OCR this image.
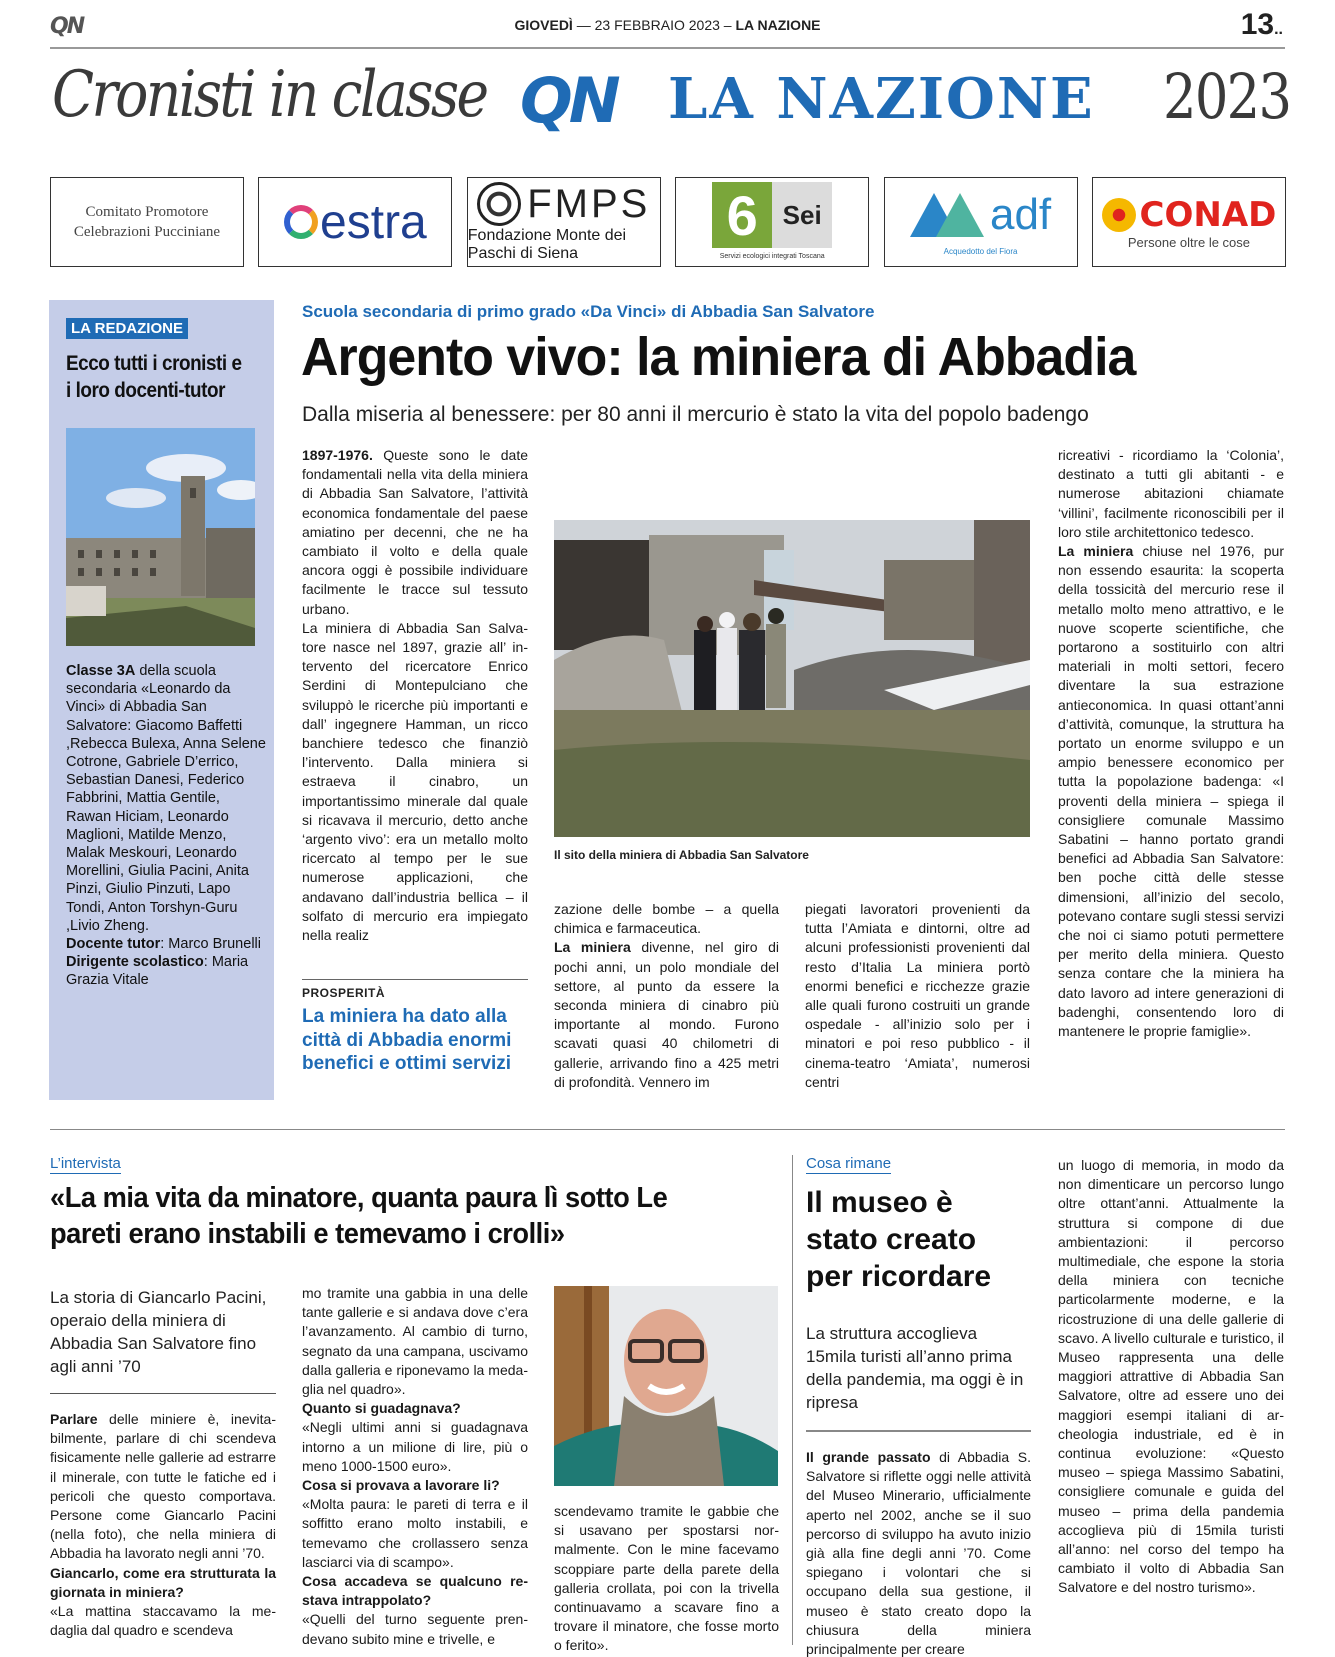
QN	GIOVEDÌ — 23 FEBBRAIO 2023 – LA NAZIONE	13..
Cronisti in classe QN LA NAZIONE 2023
Comitato Promotore
Celebrazioni Pucciniane estra	FMPS
Fondazione Monte dei Paschi di Siena
6 Sei
Servizi ecologici integrati Toscana
adf
Acquedotto del Fiora
CONAD
Persone oltre le cose
LA REDAZIONE
Ecco tutti i cronisti e i loro docenti-tutor
Classe 3A della scuola secondaria «Leonardo da Vinci» di Abbadia San Salvatore: Giacomo Baffetti ,Rebecca Bulexa, Anna Selene Cotrone, Gabriele D’errico, Sebastian Danesi, Federico Fabbrini, Mattia Gentile, Rawan Hiciam, Leonardo Maglioni, Matilde Menzo, Malak Meskouri, Leonardo Morellini, Giulia Pacini, Anita Pinzi, Giulio Pinzuti, Lapo Tondi, Anton Torshyn-Guru ,Livio Zheng.
Docente tutor: Marco Brunelli
Dirigente scolastico: Maria Grazia Vitale
Scuola secondaria di primo grado «Da Vinci» di Abbadia San Salvatore
Argento vivo: la miniera di Abbadia
Dalla miseria al benessere: per 80 anni il mercurio è stato la vita del popolo badengo
1897-1976. Queste sono le date fondamentali nella vita della miniera di Abbadia San Salvatore, l’attività economica fondamentale del paese amiatino per decenni, che ne ha cambiato il volto e della quale ancora oggi è possibile individuare facilmente le tracce sul tessuto urbano.
La miniera di Abbadia San Salvatore nasce nel 1897, grazie all’ intervento del ricercatore Enrico Serdini di Montepulciano che sviluppò le ricerche più importanti e dall’ ingegnere Hamman, un ricco banchiere tedesco che finanziò l’intervento. Dalla miniera si estraeva il cinabro, un importantissimo minerale dal quale si ricavava il mercurio, detto anche ‘argento vivo’: era un metallo molto ricercato al tempo per le sue numerose applicazioni, che andavano dall’industria bellica – il solfato di mercurio era impiegato nella realiz
PROSPERITÀ
La miniera ha dato alla città di Abbadia enormi benefici e ottimi servizi
Il sito della miniera di Abbadia San Salvatore
zazione delle bombe – a quella chimica e farmaceutica.
La miniera divenne, nel giro di pochi anni, un polo mondiale del settore, al punto da essere la seconda miniera di cinabro più importante al mondo. Furono scavati quasi 40 chilometri di gallerie, arrivando fino a 425 metri di profondità. Vennero im
piegati lavoratori provenienti da tutta l’Amiata e dintorni, oltre ad alcuni professionisti provenienti dal resto d’Italia La miniera portò enormi benefici e ricchezze grazie alle quali furono costruiti un grande ospedale - all’inizio solo per i minatori e poi reso pubblico - il cinema-teatro ‘Amiata’, numerosi centri
ricreativi - ricordiamo la ‘Colonia’, destinato a tutti gli abitanti - e numerose abitazioni chiamate ‘villini’, facilmente riconoscibili per il loro stile architettonico tedesco.
La miniera chiuse nel 1976, pur non essendo esaurita: la scoperta della tossicità del mercurio rese il metallo molto meno attrattivo, e le nuove scoperte scientifiche, che portarono a sostituirlo con altri materiali in molti settori, fecero diventare la sua estrazione antieconomica. In quasi ottant’anni d’attività, comunque, la struttura ha portato un enorme sviluppo e un ampio benessere economico per tutta la popolazione badenga: «I proventi della miniera – spiega il consigliere comunale Massimo Sabatini – hanno portato grandi benefici ad Abbadia San Salvatore: ben poche città delle stesse dimensioni, all’inizio del secolo, potevano contare sugli stessi servizi che noi ci siamo potuti permettere per merito della miniera. Questo senza contare che la miniera ha dato lavoro ad intere generazioni di badenghi, consentendo loro di mantenere le proprie famiglie».
L’intervista
«La mia vita da minatore, quanta paura lì sotto Le pareti erano instabili e temevamo i crolli»
La storia di Giancarlo Pacini, operaio della miniera di Abbadia San Salvatore fino agli anni ’70
Parlare delle miniere è, inevitabilmente, parlare di chi scendeva fisicamente nelle gallerie ad estrarre il minerale, con tutte le fatiche ed i pericoli che questo comportava. Persone come Giancarlo Pacini (nella foto), che nella miniera di Abbadia ha lavorato negli anni ’70.
Giancarlo, come era strutturata la giornata in miniera?
«La mattina staccavamo la medaglia dal quadro e scendeva
mo tramite una gabbia in una delle tante gallerie e si andava dove c’era l’avanzamento. Al cambio di turno, segnato da una campana, uscivamo dalla galleria e riponevamo la medaglia nel quadro».
Quanto si guadagnava?
«Negli ultimi anni si guadagnava intorno a un milione di lire, più o meno 1000-1500 euro».
Cosa si provava a lavorare li?
«Molta paura: le pareti di terra e il soffitto erano molto instabili, e temevamo che crollassero senza lasciarci via di scampo».
Cosa accadeva se qualcuno restava intrappolato?
«Quelli del turno seguente prendevano subito mine e trivelle, e
scendevamo tramite le gabbie che si usavano per spostarsi normalmente. Con le mine facevamo scoppiare parte della parete della galleria crollata, poi con la trivella continuavamo a scavare fino a trovare il minatore, che fosse morto o ferito».
Cosa rimane
Il museo è stato creato per ricordare
La struttura accoglieva 15mila turisti all’anno prima della pandemia, ma oggi è in ripresa
Il grande passato di Abbadia S. Salvatore si riflette oggi nelle attività del Museo Minerario, ufficialmente aperto nel 2002, anche se il suo percorso di sviluppo ha avuto inizio già alla fine degli anni ’70. Come spiegano i volontari che si occupano della sua gestione, il museo è stato creato dopo la chiusura della miniera principalmente per creare
un luogo di memoria, in modo da non dimenticare un percorso lungo oltre ottant’anni. Attualmente la struttura si compone di due ambientazioni: il percorso multimediale, che espone la storia della miniera con tecniche particolarmente moderne, e la ricostruzione di una delle gallerie di scavo. A livello culturale e turistico, il Museo rappresenta una delle maggiori attrattive di Abbadia San Salvatore, oltre ad essere uno dei maggiori esempi italiani di archeologia industriale, ed è in continua evoluzione: «Questo museo – spiega Massimo Sabatini, consigliere comunale e guida del museo – prima della pandemia accoglieva più di 15mila turisti all’anno: nel corso del tempo ha cambiato il volto di Abbadia San Salvatore e del nostro turismo».
